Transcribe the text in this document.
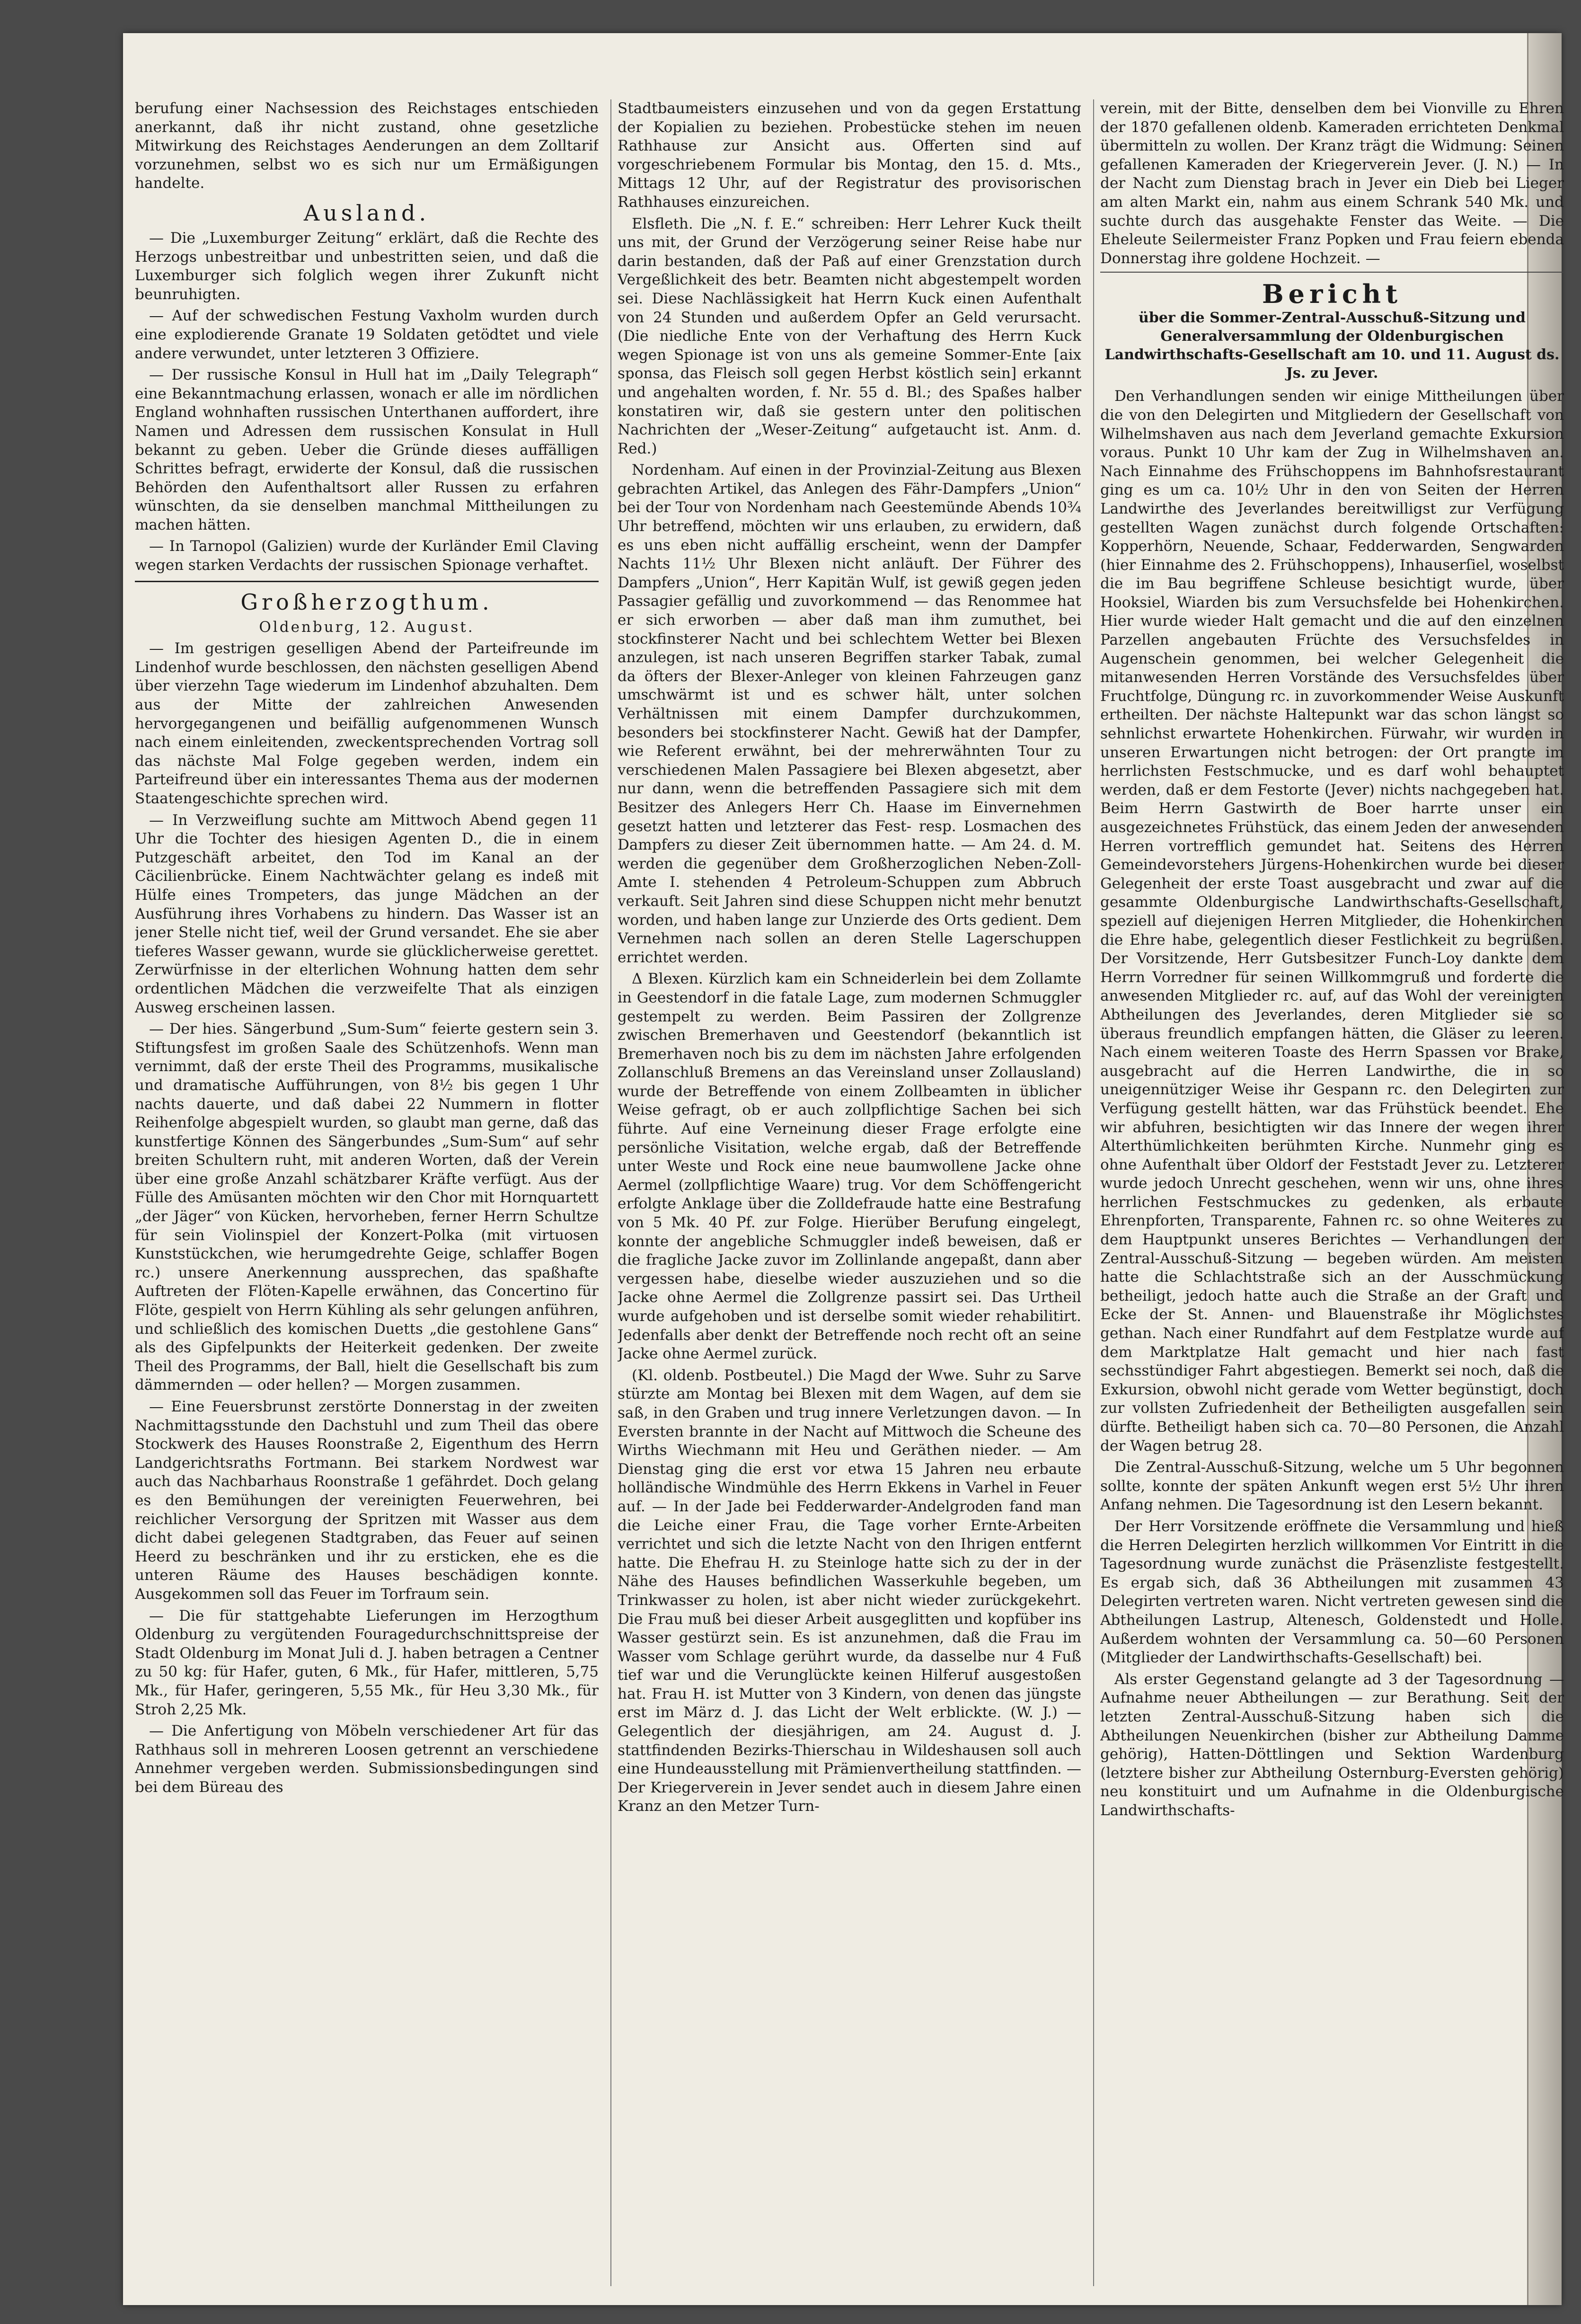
berufung einer Nachsession des Reichstages entschieden anerkannt, daß ihr nicht zustand, ohne gesetzliche Mitwirkung des Reichstages Aenderungen an dem Zolltarif vorzunehmen, selbst wo es sich nur um Ermäßigungen handelte.

Ausland.

— Die „Luxemburger Zeitung“ erklärt, daß die Rechte des Herzogs unbestreitbar und unbestritten seien, und daß die Luxemburger sich folglich wegen ihrer Zukunft nicht beunruhigten.

— Auf der schwedischen Festung Vaxholm wurden durch eine explodierende Granate 19 Soldaten getödtet und viele andere verwundet, unter letzteren 3 Offiziere.

— Der russische Konsul in Hull hat im „Daily Telegraph“ eine Bekanntmachung erlassen, wonach er alle im nördlichen England wohnhaften russischen Unterthanen auffordert, ihre Namen und Adressen dem russischen Konsulat in Hull bekannt zu geben. Ueber die Gründe dieses auffälligen Schrittes befragt, erwiderte der Konsul, daß die russischen Behörden den Aufenthaltsort aller Russen zu erfahren wünschten, da sie denselben manchmal Mittheilungen zu machen hätten.

— In Tarnopol (Galizien) wurde der Kurländer Emil Claving wegen starken Verdachts der russischen Spionage verhaftet.

Großherzogthum.
Oldenburg, 12. August.

— Im gestrigen geselligen Abend der Parteifreunde im Lindenhof wurde beschlossen, den nächsten geselligen Abend über vierzehn Tage wiederum im Lindenhof abzuhalten. Dem aus der Mitte der zahlreichen Anwesenden hervorgegangenen und beifällig aufgenommenen Wunsch nach einem einleitenden, zweckentsprechenden Vortrag soll das nächste Mal Folge gegeben werden, indem ein Parteifreund über ein interessantes Thema aus der modernen Staatengeschichte sprechen wird.

— In Verzweiflung suchte am Mittwoch Abend gegen 11 Uhr die Tochter des hiesigen Agenten D., die in einem Putzgeschäft arbeitet, den Tod im Kanal an der Cäcilienbrücke. Einem Nachtwächter gelang es indeß mit Hülfe eines Trompeters, das junge Mädchen an der Ausführung ihres Vorhabens zu hindern. Das Wasser ist an jener Stelle nicht tief, weil der Grund versandet. Ehe sie aber tieferes Wasser gewann, wurde sie glücklicherweise gerettet. Zerwürfnisse in der elterlichen Wohnung hatten dem sehr ordentlichen Mädchen die verzweifelte That als einzigen Ausweg erscheinen lassen.

— Der hies. Sängerbund „Sum-Sum“ feierte gestern sein 3. Stiftungsfest im großen Saale des Schützenhofs. Wenn man vernimmt, daß der erste Theil des Programms, musikalische und dramatische Aufführungen, von 8½ bis gegen 1 Uhr nachts dauerte, und daß dabei 22 Nummern in flotter Reihenfolge abgespielt wurden, so glaubt man gerne, daß das kunstfertige Können des Sängerbundes „Sum-Sum“ auf sehr breiten Schultern ruht, mit anderen Worten, daß der Verein über eine große Anzahl schätzbarer Kräfte verfügt. Aus der Fülle des Amüsanten möchten wir den Chor mit Hornquartett „der Jäger“ von Kücken, hervorheben, ferner Herrn Schultze für sein Violinspiel der Konzert-Polka (mit virtuosen Kunststückchen, wie herumgedrehte Geige, schlaffer Bogen rc.) unsere Anerkennung aussprechen, das spaßhafte Auftreten der Flöten-Kapelle erwähnen, das Concertino für Flöte, gespielt von Herrn Kühling als sehr gelungen anführen, und schließlich des komischen Duetts „die gestohlene Gans“ als des Gipfelpunkts der Heiterkeit gedenken. Der zweite Theil des Programms, der Ball, hielt die Gesellschaft bis zum dämmernden — oder hellen? — Morgen zusammen.

— Eine Feuersbrunst zerstörte Donnerstag in der zweiten Nachmittagsstunde den Dachstuhl und zum Theil das obere Stockwerk des Hauses Roonstraße 2, Eigenthum des Herrn Landgerichtsraths Fortmann. Bei starkem Nordwest war auch das Nachbarhaus Roonstraße 1 gefährdet. Doch gelang es den Bemühungen der vereinigten Feuerwehren, bei reichlicher Versorgung der Spritzen mit Wasser aus dem dicht dabei gelegenen Stadtgraben, das Feuer auf seinen Heerd zu beschränken und ihr zu ersticken, ehe es die unteren Räume des Hauses beschädigen konnte. Ausgekommen soll das Feuer im Torfraum sein.

— Die für stattgehabte Lieferungen im Herzogthum Oldenburg zu vergütenden Fouragedurchschnittspreise der Stadt Oldenburg im Monat Juli d. J. haben betragen a Centner zu 50 kg: für Hafer, guten, 6 Mk., für Hafer, mittleren, 5,75 Mk., für Hafer, geringeren, 5,55 Mk., für Heu 3,30 Mk., für Stroh 2,25 Mk.

— Die Anfertigung von Möbeln verschiedener Art für das Rathhaus soll in mehreren Loosen getrennt an verschiedene Annehmer vergeben werden. Submissionsbedingungen sind bei dem Büreau des

Stadtbaumeisters einzusehen und von da gegen Erstattung der Kopialien zu beziehen. Probestücke stehen im neuen Rathhause zur Ansicht aus. Offerten sind auf vorgeschriebenem Formular bis Montag, den 15. d. Mts., Mittags 12 Uhr, auf der Registratur des provisorischen Rathhauses einzureichen.

Elsfleth. Die „N. f. E.“ schreiben: Herr Lehrer Kuck theilt uns mit, der Grund der Verzögerung seiner Reise habe nur darin bestanden, daß der Paß auf einer Grenzstation durch Vergeßlichkeit des betr. Beamten nicht abgestempelt worden sei. Diese Nachlässigkeit hat Herrn Kuck einen Aufenthalt von 24 Stunden und außerdem Opfer an Geld verursacht. (Die niedliche Ente von der Verhaftung des Herrn Kuck wegen Spionage ist von uns als gemeine Sommer-Ente [aix sponsa, das Fleisch soll gegen Herbst köstlich sein] erkannt und angehalten worden, f. Nr. 55 d. Bl.; des Spaßes halber konstatiren wir, daß sie gestern unter den politischen Nachrichten der „Weser-Zeitung“ aufgetaucht ist. Anm. d. Red.)

Nordenham. Auf einen in der Provinzial-Zeitung aus Blexen gebrachten Artikel, das Anlegen des Fähr-Dampfers „Union“ bei der Tour von Nordenham nach Geestemünde Abends 10¾ Uhr betreffend, möchten wir uns erlauben, zu erwidern, daß es uns eben nicht auffällig erscheint, wenn der Dampfer Nachts 11½ Uhr Blexen nicht anläuft. Der Führer des Dampfers „Union“, Herr Kapitän Wulf, ist gewiß gegen jeden Passagier gefällig und zuvorkommend — das Renommee hat er sich erworben — aber daß man ihm zumuthet, bei stockfinsterer Nacht und bei schlechtem Wetter bei Blexen anzulegen, ist nach unseren Begriffen starker Tabak, zumal da öfters der Blexer-Anleger von kleinen Fahrzeugen ganz umschwärmt ist und es schwer hält, unter solchen Verhältnissen mit einem Dampfer durchzukommen, besonders bei stockfinsterer Nacht. Gewiß hat der Dampfer, wie Referent erwähnt, bei der mehrerwähnten Tour zu verschiedenen Malen Passagiere bei Blexen abgesetzt, aber nur dann, wenn die betreffenden Passagiere sich mit dem Besitzer des Anlegers Herr Ch. Haase im Einvernehmen gesetzt hatten und letzterer das Fest- resp. Losmachen des Dampfers zu dieser Zeit übernommen hatte. — Am 24. d. M. werden die gegenüber dem Großherzoglichen Neben-Zoll-Amte I. stehenden 4 Petroleum-Schuppen zum Abbruch verkauft. Seit Jahren sind diese Schuppen nicht mehr benutzt worden, und haben lange zur Unzierde des Orts gedient. Dem Vernehmen nach sollen an deren Stelle Lagerschuppen errichtet werden.

Δ Blexen. Kürzlich kam ein Schneiderlein bei dem Zollamte in Geestendorf in die fatale Lage, zum modernen Schmuggler gestempelt zu werden. Beim Passiren der Zollgrenze zwischen Bremerhaven und Geestendorf (bekanntlich ist Bremerhaven noch bis zu dem im nächsten Jahre erfolgenden Zollanschluß Bremens an das Vereinsland unser Zollausland) wurde der Betreffende von einem Zollbeamten in üblicher Weise gefragt, ob er auch zollpflichtige Sachen bei sich führte. Auf eine Verneinung dieser Frage erfolgte eine persönliche Visitation, welche ergab, daß der Betreffende unter Weste und Rock eine neue baumwollene Jacke ohne Aermel (zollpflichtige Waare) trug. Vor dem Schöffengericht erfolgte Anklage über die Zolldefraude hatte eine Bestrafung von 5 Mk. 40 Pf. zur Folge. Hierüber Berufung eingelegt, konnte der angebliche Schmuggler indeß beweisen, daß er die fragliche Jacke zuvor im Zollinlande angepaßt, dann aber vergessen habe, dieselbe wieder auszuziehen und so die Jacke ohne Aermel die Zollgrenze passirt sei. Das Urtheil wurde aufgehoben und ist derselbe somit wieder rehabilitirt. Jedenfalls aber denkt der Betreffende noch recht oft an seine Jacke ohne Aermel zurück.

(Kl. oldenb. Postbeutel.) Die Magd der Wwe. Suhr zu Sarve stürzte am Montag bei Blexen mit dem Wagen, auf dem sie saß, in den Graben und trug innere Verletzungen davon. — In Eversten brannte in der Nacht auf Mittwoch die Scheune des Wirths Wiechmann mit Heu und Geräthen nieder. — Am Dienstag ging die erst vor etwa 15 Jahren neu erbaute holländische Windmühle des Herrn Ekkens in Varhel in Feuer auf. — In der Jade bei Fedderwarder-Andelgroden fand man die Leiche einer Frau, die Tage vorher Ernte-Arbeiten verrichtet und sich die letzte Nacht von den Ihrigen entfernt hatte. Die Ehefrau H. zu Steinloge hatte sich zu der in der Nähe des Hauses befindlichen Wasserkuhle begeben, um Trinkwasser zu holen, ist aber nicht wieder zurückgekehrt. Die Frau muß bei dieser Arbeit ausgeglitten und kopfüber ins Wasser gestürzt sein. Es ist anzunehmen, daß die Frau im Wasser vom Schlage gerührt wurde, da dasselbe nur 4 Fuß tief war und die Verunglückte keinen Hilferuf ausgestoßen hat. Frau H. ist Mutter von 3 Kindern, von denen das jüngste erst im März d. J. das Licht der Welt erblickte. (W. J.) — Gelegentlich der diesjährigen, am 24. August d. J. stattfindenden Bezirks-Thierschau in Wildeshausen soll auch eine Hundeausstellung mit Prämienvertheilung stattfinden. — Der Kriegerverein in Jever sendet auch in diesem Jahre einen Kranz an den Metzer Turn-

verein, mit der Bitte, denselben dem bei Vionville zu Ehren der 1870 gefallenen oldenb. Kameraden errichteten Denkmal übermitteln zu wollen. Der Kranz trägt die Widmung: Seinen gefallenen Kameraden der Kriegerverein Jever. (J. N.) — In der Nacht zum Dienstag brach in Jever ein Dieb bei Lieger am alten Markt ein, nahm aus einem Schrank 540 Mk. und suchte durch das ausgehakte Fenster das Weite. — Die Eheleute Seilermeister Franz Popken und Frau feiern ebenda Donnerstag ihre goldene Hochzeit. —

Bericht
über die Sommer-Zentral-Ausschuß-Sitzung und Generalversammlung der Oldenburgischen Landwirthschafts-Gesellschaft am 10. und 11. August ds. Js. zu Jever.

Den Verhandlungen senden wir einige Mittheilungen über die von den Delegirten und Mitgliedern der Gesellschaft von Wilhelmshaven aus nach dem Jeverland gemachte Exkursion voraus. Punkt 10 Uhr kam der Zug in Wilhelmshaven an. Nach Einnahme des Frühschoppens im Bahnhofsrestaurant ging es um ca. 10½ Uhr in den von Seiten der Herren Landwirthe des Jeverlandes bereitwilligst zur Verfügung gestellten Wagen zunächst durch folgende Ortschaften: Kopperhörn, Neuende, Schaar, Fedderwarden, Sengwarden (hier Einnahme des 2. Frühschoppens), Inhauserſiel, woselbst die im Bau begriffene Schleuse besichtigt wurde, über Hooksiel, Wiarden bis zum Versuchsfelde bei Hohenkirchen. Hier wurde wieder Halt gemacht und die auf den einzelnen Parzellen angebauten Früchte des Versuchsfeldes in Augenschein genommen, bei welcher Gelegenheit die mitanwesenden Herren Vorstände des Versuchsfeldes über Fruchtfolge, Düngung rc. in zuvorkommender Weise Auskunft ertheilten. Der nächste Haltepunkt war das schon längst so sehnlichst erwartete Hohenkirchen. Fürwahr, wir wurden in unseren Erwartungen nicht betrogen: der Ort prangte im herrlichsten Festschmucke, und es darf wohl behauptet werden, daß er dem Festorte (Jever) nichts nachgegeben hat. Beim Herrn Gastwirth de Boer harrte unser ein ausgezeichnetes Frühstück, das einem Jeden der anwesenden Herren vortrefflich gemundet hat. Seitens des Herren Gemeindevorstehers Jürgens-Hohenkirchen wurde bei dieser Gelegenheit der erste Toast ausgebracht und zwar auf die gesammte Oldenburgische Landwirthschafts-Gesellschaft, speziell auf diejenigen Herren Mitglieder, die Hohenkirchen die Ehre habe, gelegentlich dieser Festlichkeit zu begrüßen. Der Vorsitzende, Herr Gutsbesitzer Funch-Loy dankte dem Herrn Vorredner für seinen Willkommgruß und forderte die anwesenden Mitglieder rc. auf, auf das Wohl der vereinigten Abtheilungen des Jeverlandes, deren Mitglieder sie so überaus freundlich empfangen hätten, die Gläser zu leeren. Nach einem weiteren Toaste des Herrn Spassen vor Brake, ausgebracht auf die Herren Landwirthe, die in so uneigennütziger Weise ihr Gespann rc. den Delegirten zur Verfügung gestellt hätten, war das Frühstück beendet. Ehe wir abfuhren, besichtigten wir das Innere der wegen ihrer Alterthümlichkeiten berühmten Kirche. Nunmehr ging es ohne Aufenthalt über Oldorf der Feststadt Jever zu. Letzterer wurde jedoch Unrecht geschehen, wenn wir uns, ohne ihres herrlichen Festschmuckes zu gedenken, als erbaute Ehrenpforten, Transparente, Fahnen rc. so ohne Weiteres zu dem Hauptpunkt unseres Berichtes — Verhandlungen der Zentral-Ausschuß-Sitzung — begeben würden. Am meisten hatte die Schlachtstraße sich an der Ausschmückung betheiligt, jedoch hatte auch die Straße an der Graft und Ecke der St. Annen- und Blauenstraße ihr Möglichstes gethan. Nach einer Rundfahrt auf dem Festplatze wurde auf dem Marktplatze Halt gemacht und hier nach fast sechsstündiger Fahrt abgestiegen. Bemerkt sei noch, daß die Exkursion, obwohl nicht gerade vom Wetter begünstigt, doch zur vollsten Zufriedenheit der Betheiligten ausgefallen sein dürfte. Betheiligt haben sich ca. 70—80 Personen, die Anzahl der Wagen betrug 28.

Die Zentral-Ausschuß-Sitzung, welche um 5 Uhr begonnen sollte, konnte der späten Ankunft wegen erst 5½ Uhr ihren Anfang nehmen. Die Tagesordnung ist den Lesern bekannt.

Der Herr Vorsitzende eröffnete die Versammlung und hieß die Herren Delegirten herzlich willkommen Vor Eintritt in die Tagesordnung wurde zunächst die Präsenzliste festgestellt. Es ergab sich, daß 36 Abtheilungen mit zusammen 43 Delegirten vertreten waren. Nicht vertreten gewesen sind die Abtheilungen Lastrup, Altenesch, Goldenstedt und Holle. Außerdem wohnten der Versammlung ca. 50—60 Personen (Mitglieder der Landwirthschafts-Gesellschaft) bei.

Als erster Gegenstand gelangte ad 3 der Tagesordnung — Aufnahme neuer Abtheilungen — zur Berathung. Seit der letzten Zentral-Ausschuß-Sitzung haben sich die Abtheilungen Neuenkirchen (bisher zur Abtheilung Damme gehörig), Hatten-Döttlingen und Sektion Wardenburg (letztere bisher zur Abtheilung Osternburg-Eversten gehörig) neu konstituirt und um Aufnahme in die Oldenburgische Landwirthschafts-
